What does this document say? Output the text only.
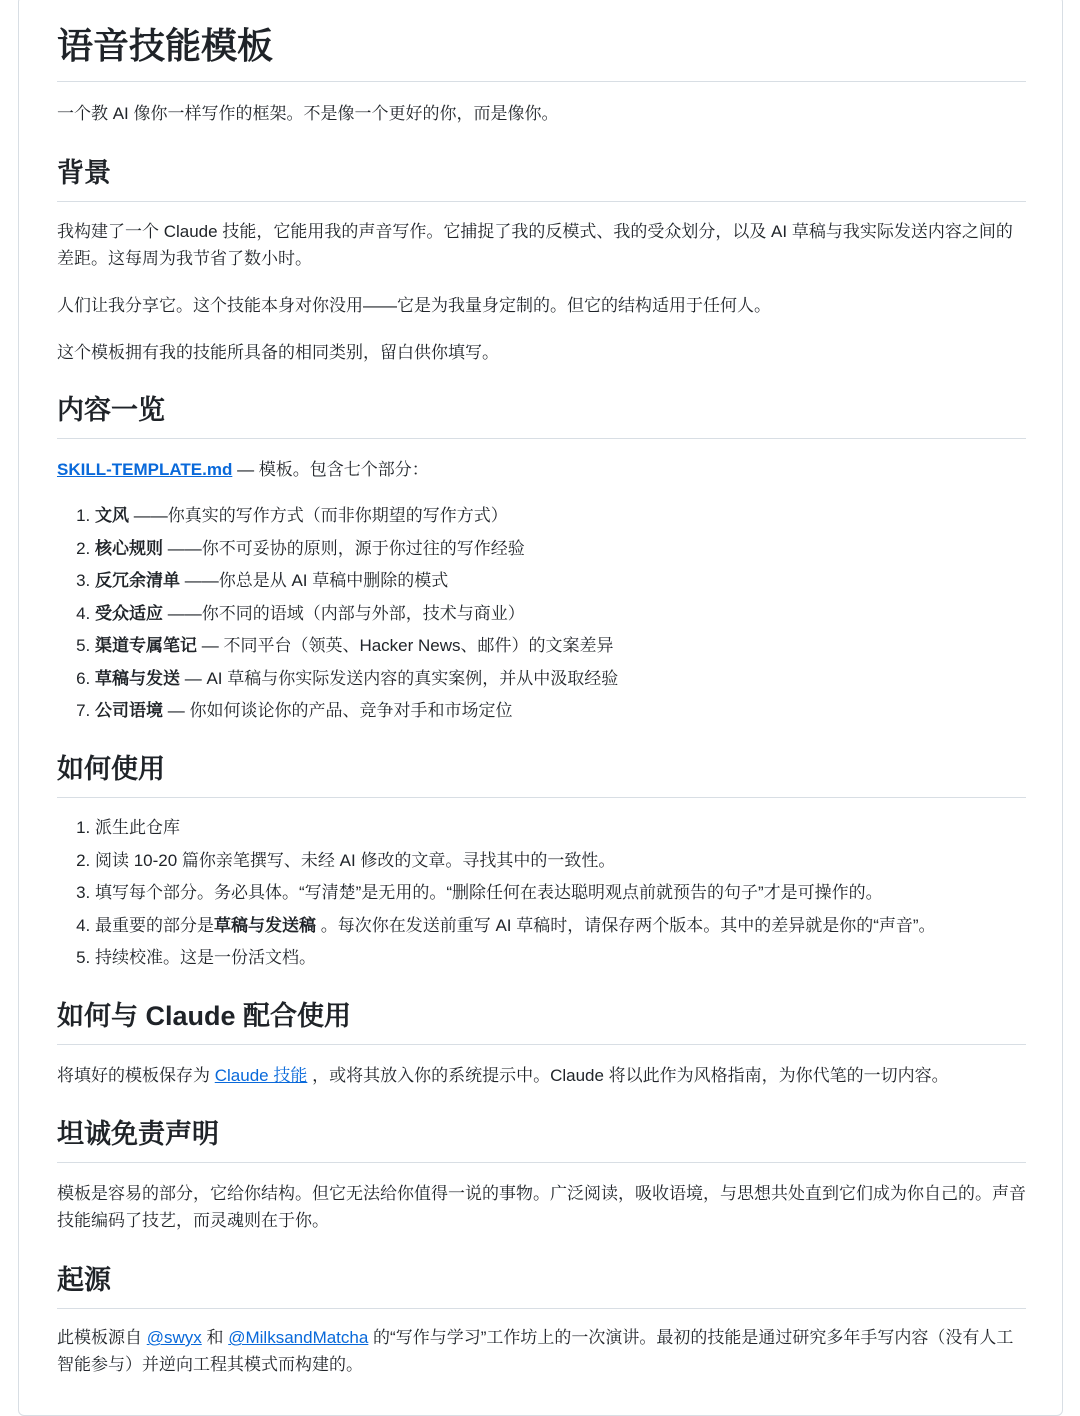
语音技能模板

一个教 AI 像你一样写作的框架。不是像一个更好的你，而是像你。

背景

我构建了一个 Claude 技能，它能用我的声音写作。它捕捉了我的反模式、我的受众划分，以及 AI 草稿与我实际发送内容之间的差距。这每周为我节省了数小时。

人们让我分享它。这个技能本身对你没用——它是为我量身定制的。但它的结构适用于任何人。

这个模板拥有我的技能所具备的相同类别，留白供你填写。

内容一览

SKILL-TEMPLATE.md — 模板。包含七个部分：

1. 文风 ——你真实的写作方式（而非你期望的写作方式）
2. 核心规则 ——你不可妥协的原则，源于你过往的写作经验
3. 反冗余清单 ——你总是从 AI 草稿中删除的模式
4. 受众适应 ——你不同的语域（内部与外部，技术与商业）
5. 渠道专属笔记 — 不同平台（领英、Hacker News、邮件）的文案差异
6. 草稿与发送 — AI 草稿与你实际发送内容的真实案例，并从中汲取经验
7. 公司语境 — 你如何谈论你的产品、竞争对手和市场定位
如何使用
1. 派生此仓库
2. 阅读 10-20 篇你亲笔撰写、未经 AI 修改的文章。寻找其中的一致性。
3. 填写每个部分。务必具体。“写清楚”是无用的。“删除任何在表达聪明观点前就预告的句子”才是可操作的。
4. 最重要的部分是草稿与发送稿 。每次你在发送前重写 AI 草稿时，请保存两个版本。其中的差异就是你的“声音”。
5. 持续校准。这是一份活文档。
如何与 Claude 配合使用

将填好的模板保存为 Claude 技能 ，或将其放入你的系统提示中。Claude 将以此作为风格指南，为你代笔的一切内容。

坦诚免责声明

模板是容易的部分，它给你结构。但它无法给你值得一说的事物。广泛阅读，吸收语境，与思想共处直到它们成为你自己的。声音技能编码了技艺，而灵魂则在于你。

起源

此模板源自 @swyx 和 @MilksandMatcha 的“写作与学习”工作坊上的一次演讲。最初的技能是通过研究多年手写内容（没有人工智能参与）并逆向工程其模式而构建的。
